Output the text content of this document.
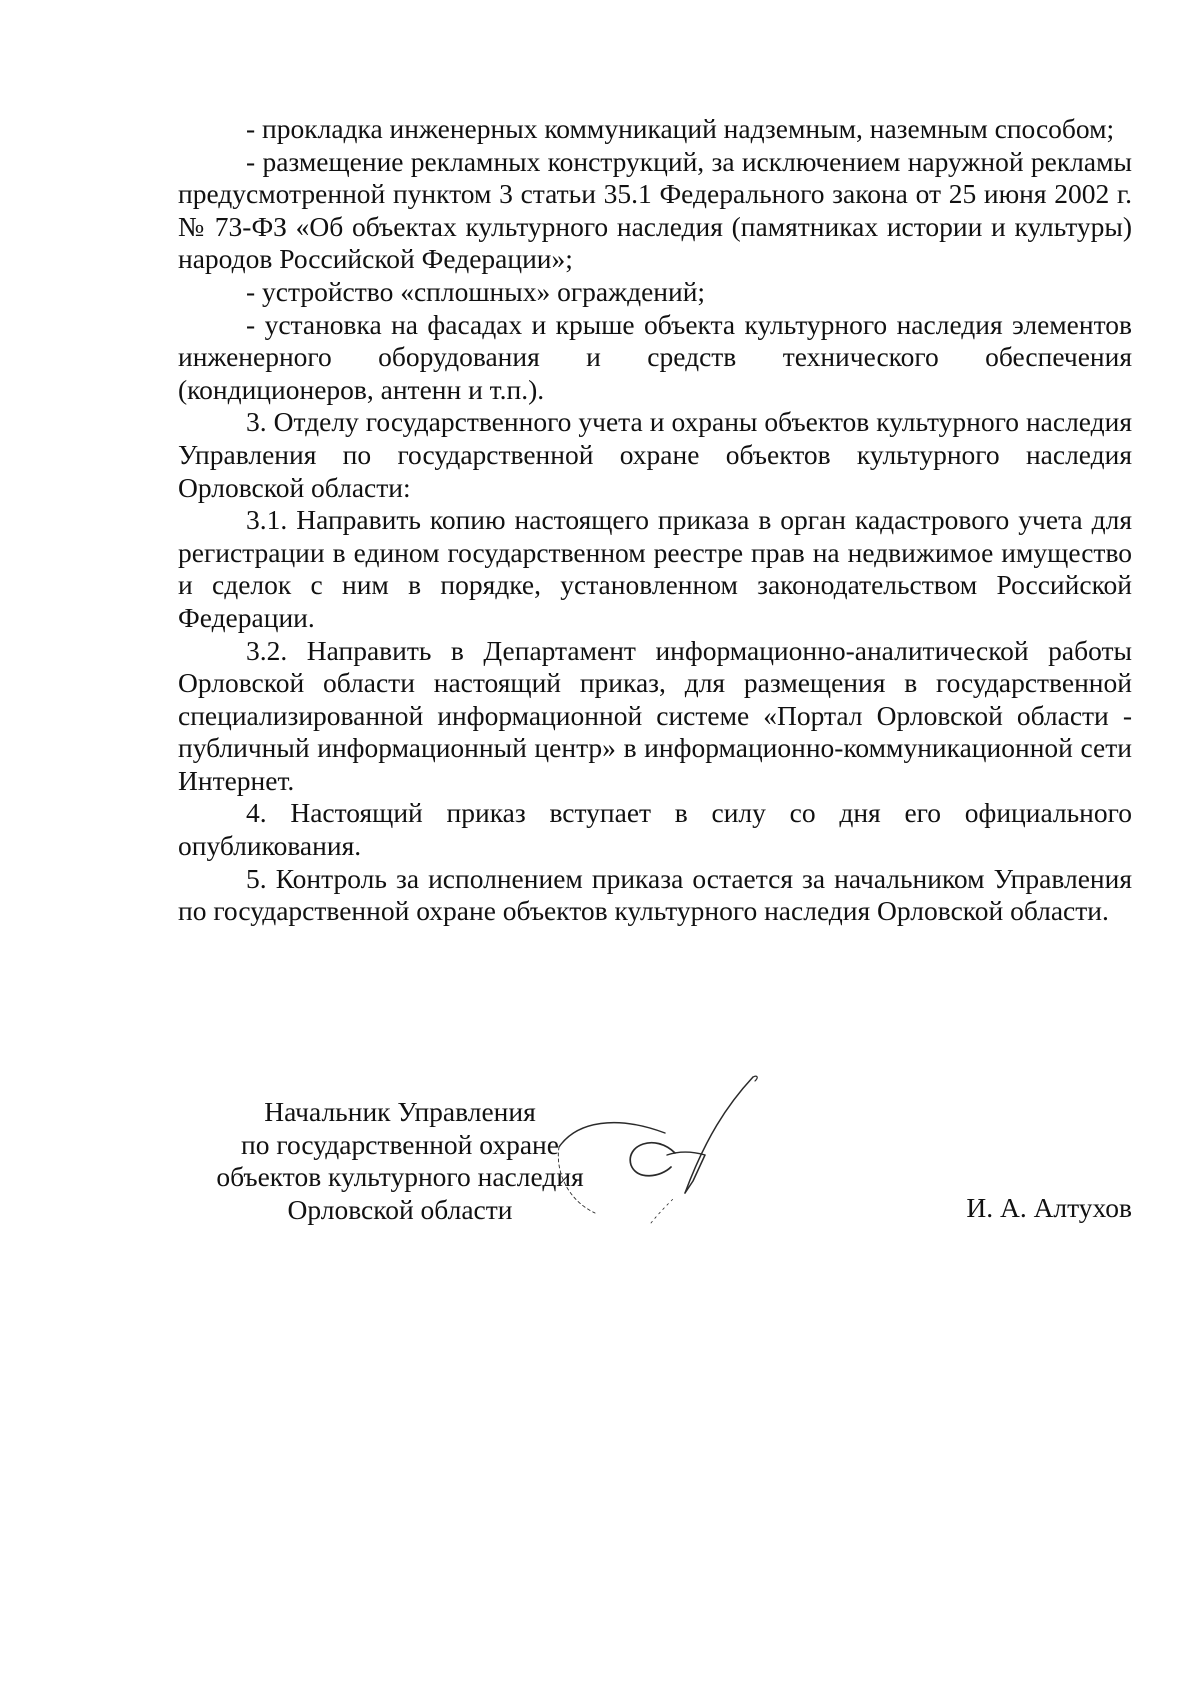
- прокладка инженерных коммуникаций надземным, наземным способом;

- размещение рекламных конструкций, за исключением наружной рекламы предусмотренной пунктом 3 статьи 35.1 Федерального закона от 25 июня 2002 г. № 73-ФЗ «Об объектах культурного наследия (памятниках истории и культуры) народов Российской Федерации»;

- устройство «сплошных» ограждений;

- установка на фасадах и крыше объекта культурного наследия элементов инженерного оборудования и средств технического обеспечения (кондиционеров, антенн и т.п.).

3. Отделу государственного учета и охраны объектов культурного наследия Управления по государственной охране объектов культурного наследия Орловской области:

3.1. Направить копию настоящего приказа в орган кадастрового учета для регистрации в едином государственном реестре прав на недвижимое имущество и сделок с ним в порядке, установленном законодательством Российской Федерации.

3.2. Направить в Департамент информационно-аналитической работы Орловской области настоящий приказ, для размещения в государственной специализированной информационной системе «Портал Орловской области - публичный информационный центр» в информационно-коммуникационной сети Интернет.

4. Настоящий приказ вступает в силу со дня его официального опубликования.

5. Контроль за исполнением приказа остается за начальником Управления по государственной охране объектов культурного наследия Орловской области.

Начальник Управления
по государственной охране
объектов культурного наследия
Орловской области	И. А. Алтухов
